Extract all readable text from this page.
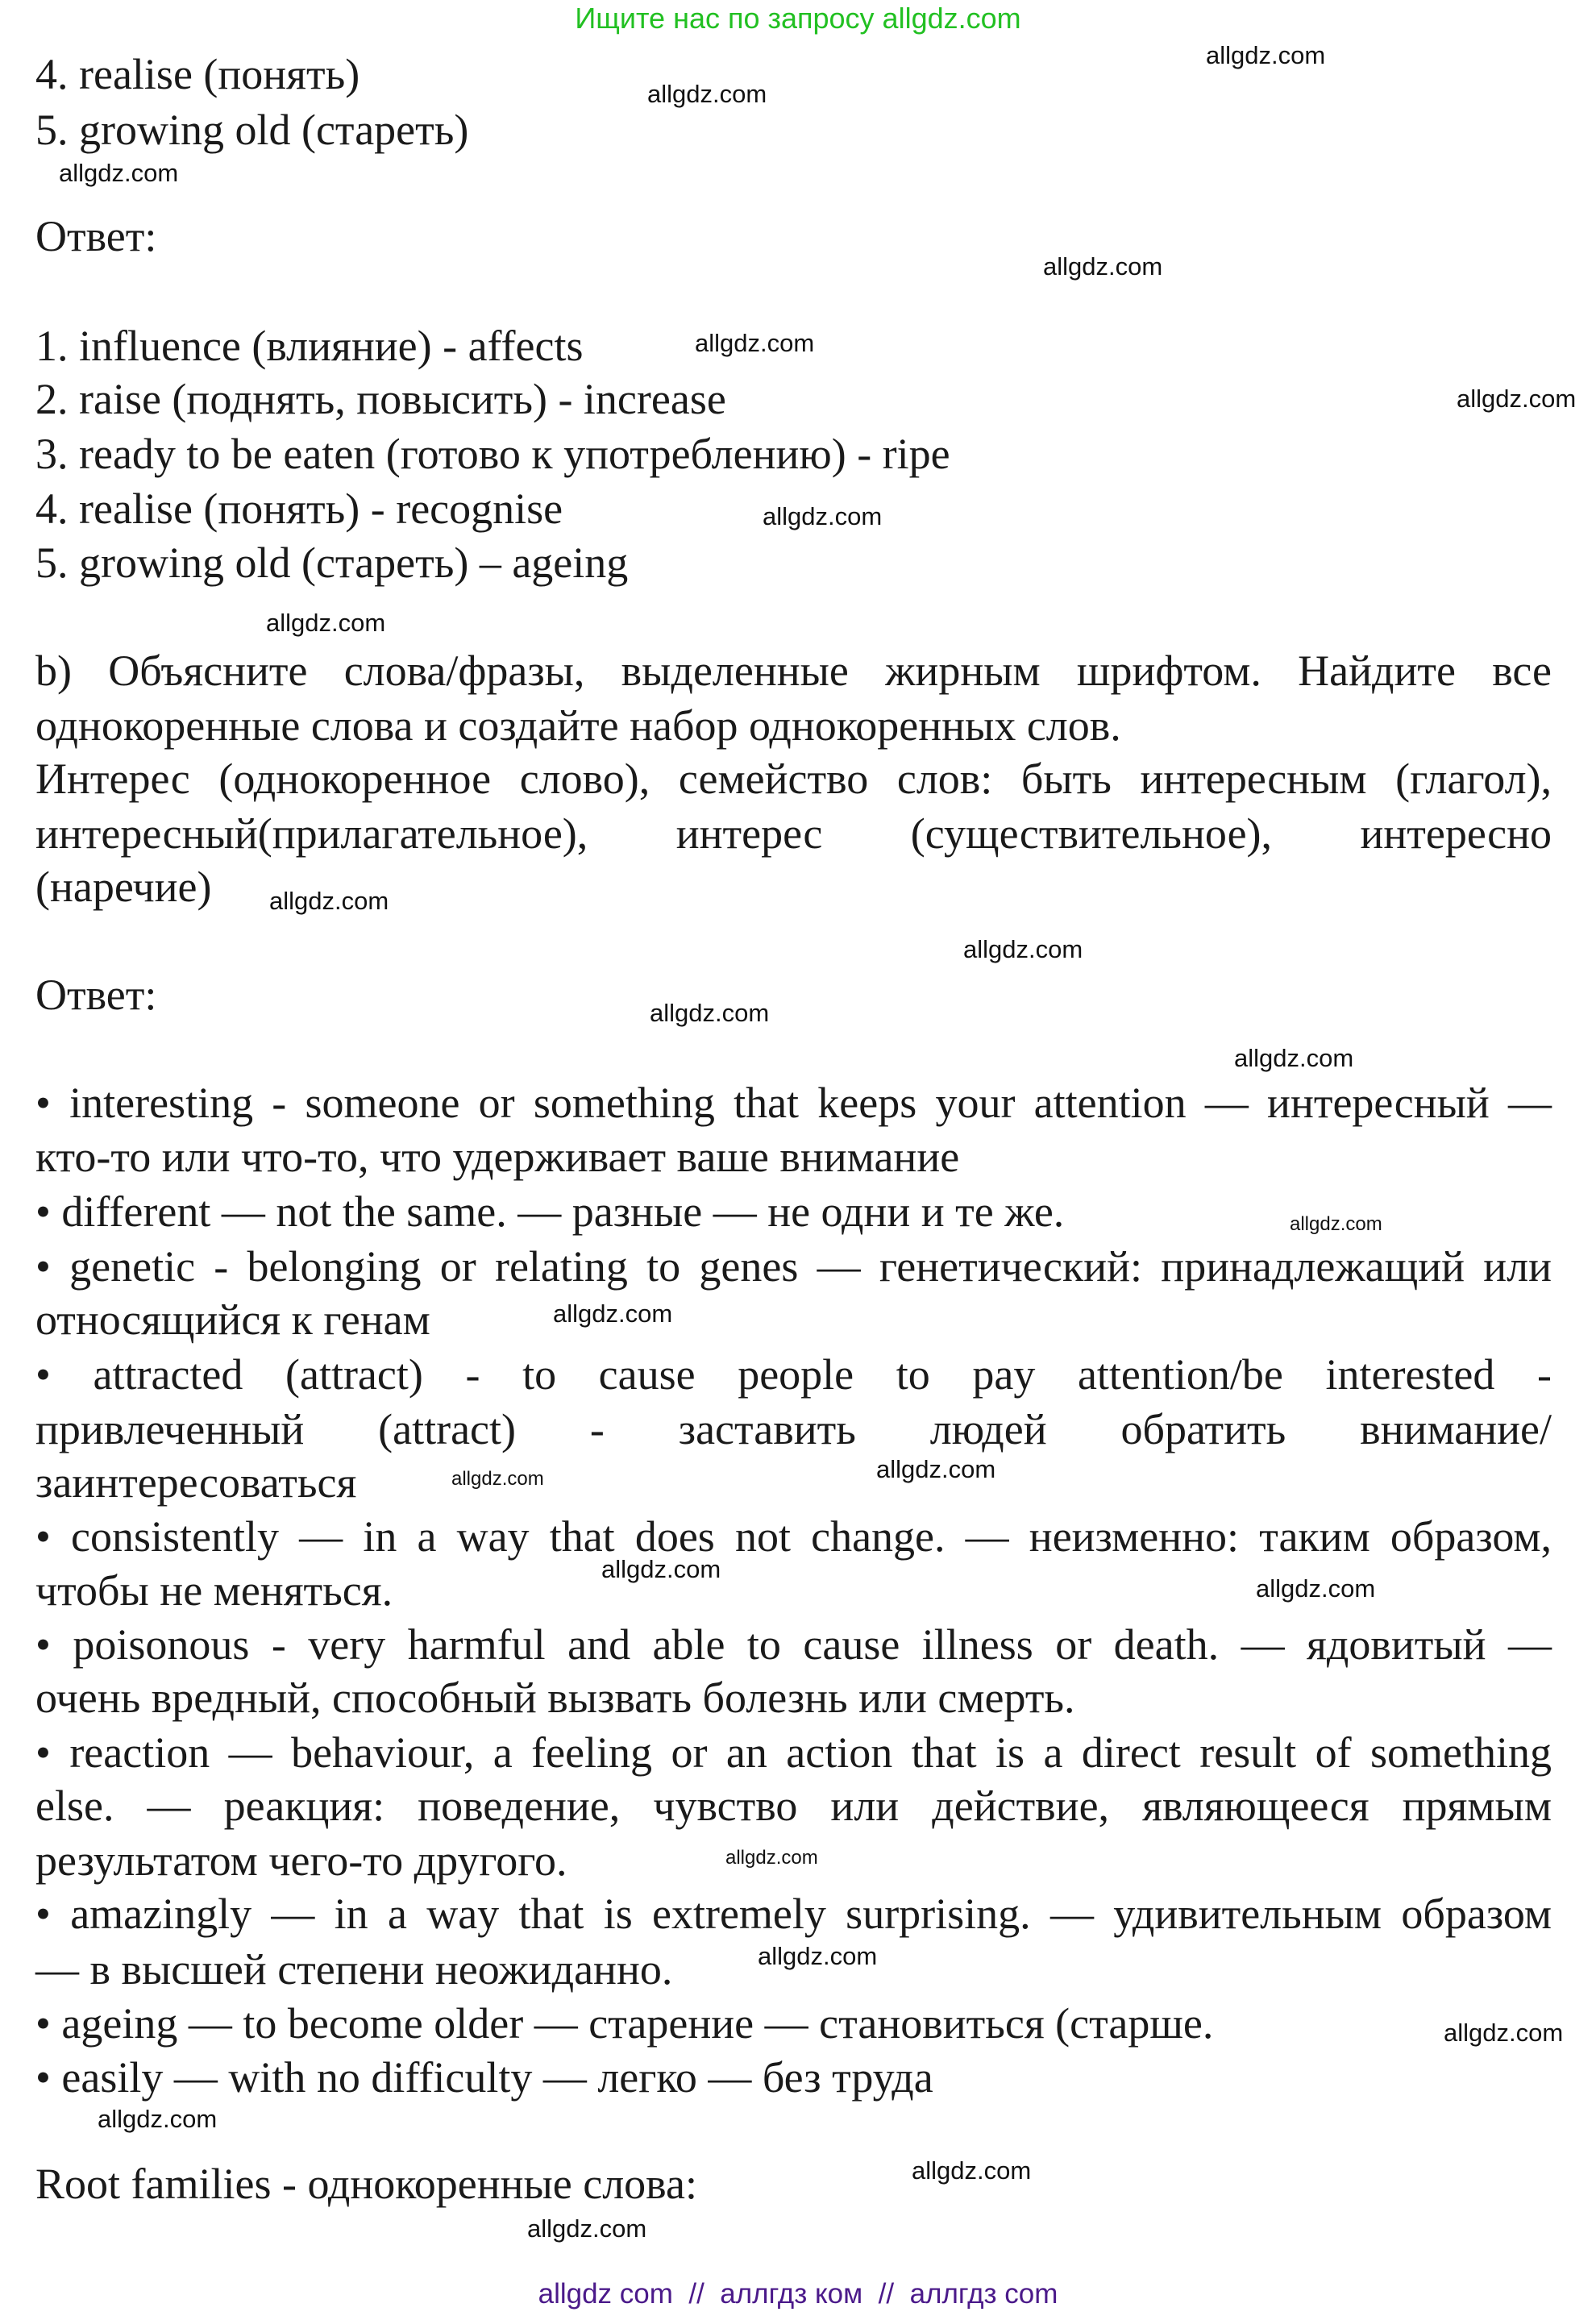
Ищите нас по запросу allgdz.com
4. realise (понять)
5. growing old (стареть)
Ответ:
1. influence (влияние) - affects
2. raise (поднять, повысить) - increase
3. ready to be eaten (готово к употреблению) - ripe
4. realise (понять) - recognise
5. growing old (стареть) – ageing
b) Объясните слова/фразы, выделенные жирным шрифтом. Найдите все
однокоренные слова и создайте набор однокоренных слов.
Интерес (однокоренное слово), семейство слов: быть интересным (глагол),
интересный(прилагательное), интерес (существительное), интересно
(наречие)
Ответ:
• interesting - someone or something that keeps your attention — интересный —
кто-то или что-то, что удерживает ваше внимание
• different — not the same. — разные — не одни и те же.
• genetic - belonging or relating to genes — генетический: принадлежащий или
относящийся к генам
• attracted (attract) - to cause people to pay attention/be interested -
привлеченный (attract) - заставить людей обратить внимание/
заинтересоваться
• consistently — in a way that does not change. — неизменно: таким образом,
чтобы не меняться.
• poisonous - very harmful and able to cause illness or death. — ядовитый —
очень вредный, способный вызвать болезнь или смерть.
• reaction — behaviour, a feeling or an action that is a direct result of something
else. — реакция: поведение, чувство или действие, являющееся прямым
результатом чего-то другого.
• amazingly — in a way that is extremely surprising. — удивительным образом
— в высшей степени неожиданно.
• ageing — to become older — старение — становиться (старше.
• easily — with no difficulty — легко — без труда
Root families - однокоренные слова:
allgdz.com
allgdz.com
allgdz.com
allgdz.com
allgdz.com
allgdz.com
allgdz.com
allgdz.com
allgdz.com
allgdz.com
allgdz.com
allgdz.com
allgdz.com
allgdz.com
allgdz.com	allgdz.com
allgdz.com
allgdz.com
allgdz.com
allgdz.com
allgdz.com
allgdz.com
allgdz.com
allgdz.com
allgdz com // аллгдз ком // аллгдз com
